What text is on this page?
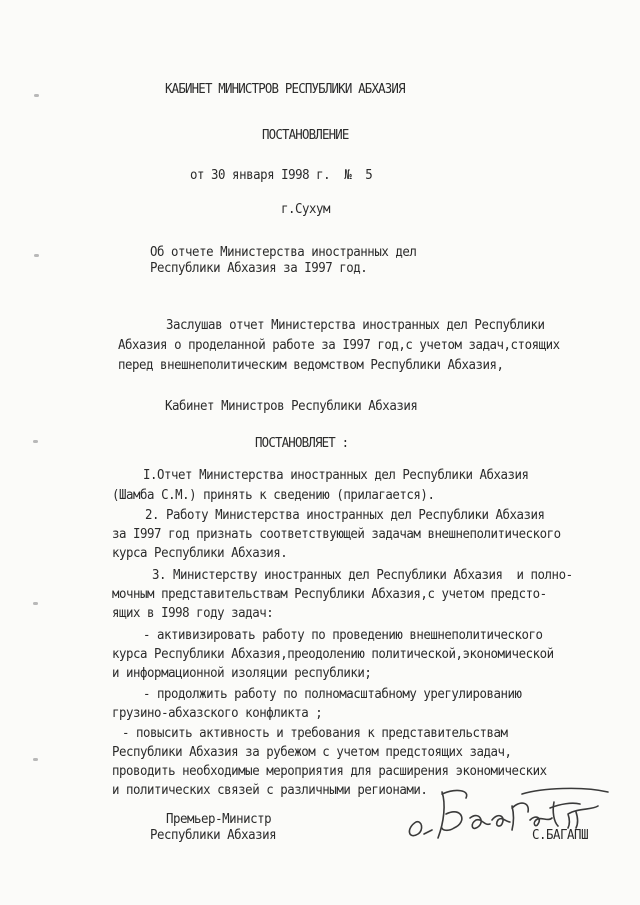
КАБИНЕТ МИНИСТРОВ РЕСПУБЛИКИ АБХАЗИЯ
ПОСТАНОВЛЕНИЕ
от 30 января I998 г.  №  5
г.Сухум
Об отчете Министерства иностранных дел
Республики Абхазия за I997 год.
Заслушав отчет Министерства иностранных дел Республики
Абхазия о проделанной работе за I997 год,с учетом задач,стоящих
перед внешнеполитическим ведомством Республики Абхазия,
Кабинет Министров Республики Абхазия
ПОСТАНОВЛЯЕТ :
I.Отчет Министерства иностранных дел Республики Абхазия
(Шамба С.М.) принять к сведению (прилагается).
2. Работу Министерства иностранных дел Республики Абхазия
за I997 год признать соответствующей задачам внешнеполитического
курса Республики Абхазия.
3. Министерству иностранных дел Республики Абхазия  и полно-
мочным представительствам Республики Абхазия,с учетом предсто-
ящих в I998 году задач:
- активизировать работу по проведению внешнеполитического
курса Республики Абхазия,преодолению политической,экономической
и информационной изоляции республики;
- продолжить работу по полномасштабному урегулированию
грузино-абхазского конфликта ;
- повысить активность и требования к представительствам
Республики Абхазия за рубежом с учетом предстоящих задач,
проводить необходимые мероприятия для расширения экономических
и политических связей с различными регионами.
Премьер-Министр
Республики Абхазия	С.БАГАПШ
